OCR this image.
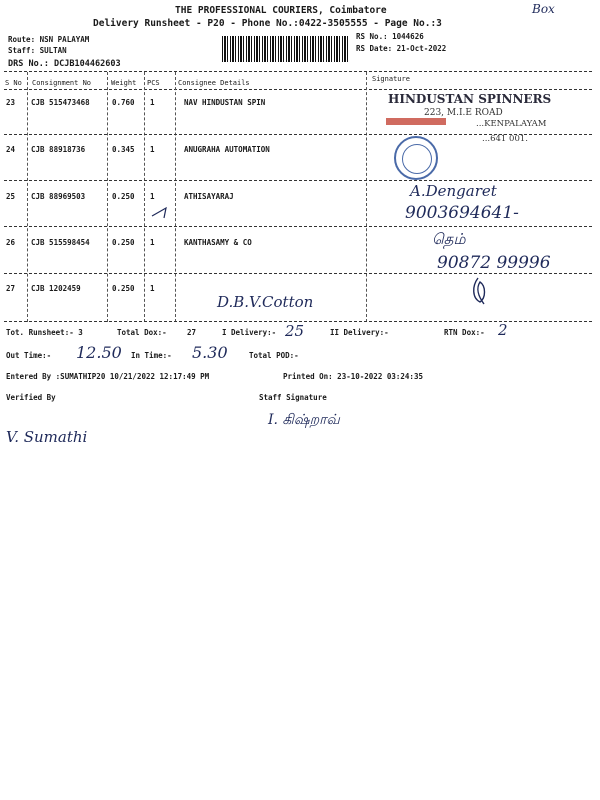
THE PROFESSIONAL COURIERS, Coimbatore
Delivery Runsheet - P20 - Phone No.:0422-3505555 - Page No.:3
Box
Route: NSN PALAYAM
Staff: SULTAN
DRS No.: DCJB104462603
RS No.: 1044626
RS Date: 21-Oct-2022
S No Consignment No	Weight PCS	Consignee Details	Signature
23 CJB 515473468	0.760 1	NAV HINDUSTAN SPIN
24 CJB 88918736	0.345 1	ANUGRAHA AUTOMATION
25 CJB 88969503	0.250 1	ATHISAYARAJ
26 CJB 515598454	0.250 1	KANTHASAMY & CO
27 CJB 1202459	0.250 1
HINDUSTAN SPINNERS
223, M.I.E ROAD
...KENPALAYAM
...641 001.
A.Dengaret
9003694641-
தெம்
90872 99996
D.B.V.Cotton
Tot. Runsheet:- 3	Total Dox:-	27	I Delivery:- 25	II Delivery:-	RTN Dox:- 2
Out Time:- 12.50 In Time:- 5.30	Total POD:-
Entered By :SUMATHIP20 10/21/2022 12:17:49 PM	Printed On: 23-10-2022 03:24:35
Verified By	Staff Signature
V. Sumathi
I. கிஷ்றாவ்
